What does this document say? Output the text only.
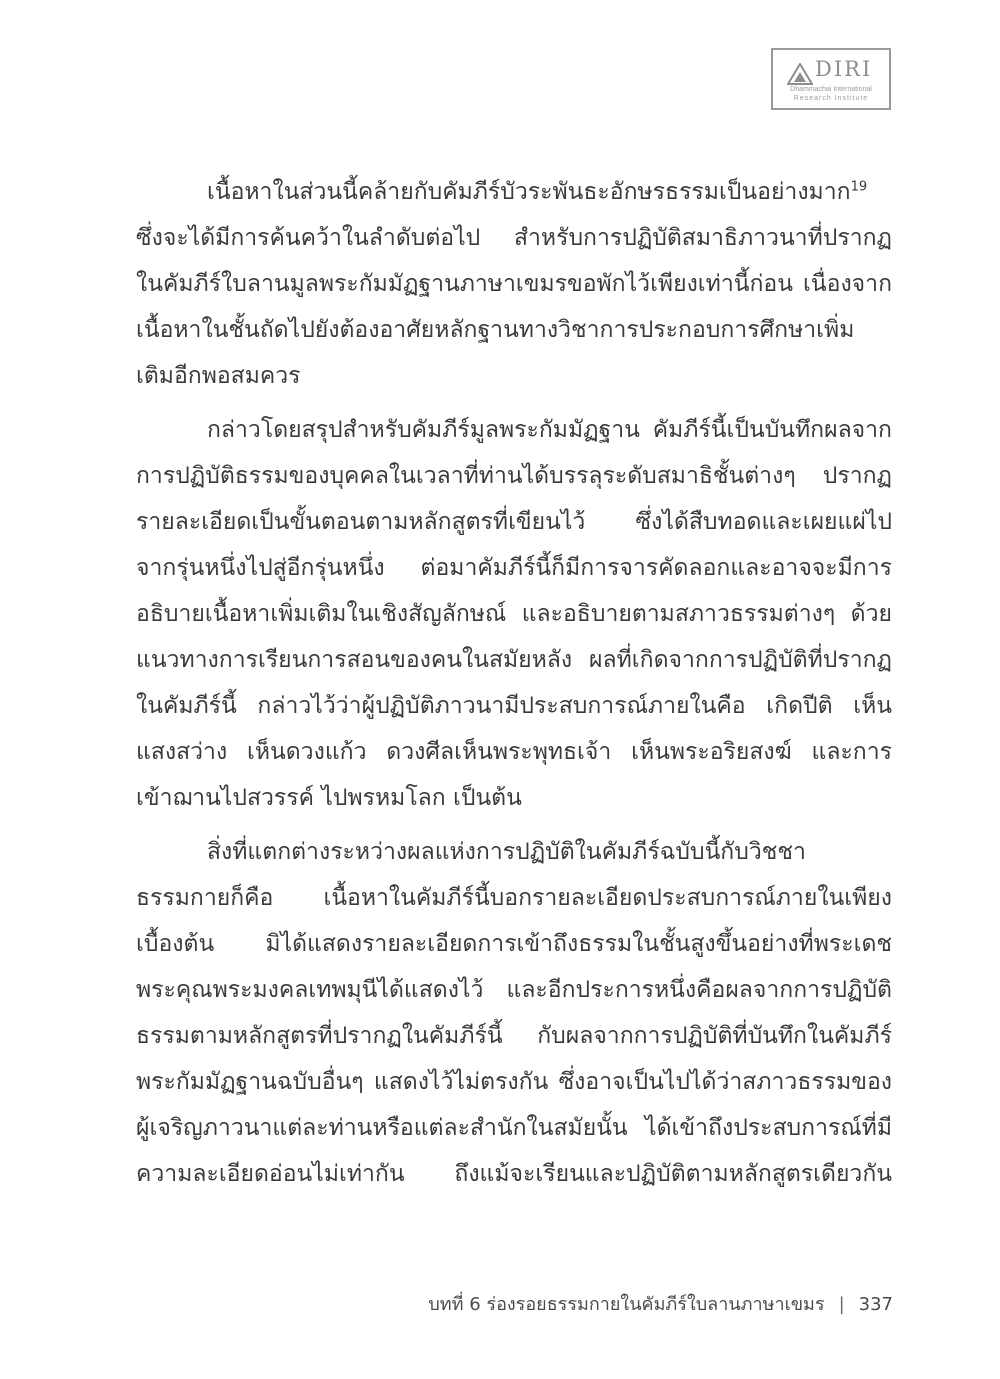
DIRI
Dhammachai International
Research Institute
เนื้อหาในส่วนนี้คล้ายกับคัมภีร์บัวระพันธะอักษรธรรมเป็นอย่างมาก$^{19}$
ซึ่งจะได้มีการค้นคว้าในลำดับต่อไป สำหรับการปฏิบัติสมาธิภาวนาที่ปรากฏ
ในคัมภีร์ใบลานมูลพระกัมมัฏฐานภาษาเขมรขอพักไว้เพียงเท่านี้ก่อน เนื่องจาก
เนื้อหาในชั้นถัดไปยังต้องอาศัยหลักฐานทางวิชาการประกอบการศึกษาเพิ่ม
เติมอีกพอสมควร
กล่าวโดยสรุปสำหรับคัมภีร์มูลพระกัมมัฏฐาน คัมภีร์นี้เป็นบันทึกผลจาก
การปฏิบัติธรรมของบุคคลในเวลาที่ท่านได้บรรลุระดับสมาธิชั้นต่างๆ ปรากฏ
รายละเอียดเป็นขั้นตอนตามหลักสูตรที่เขียนไว้ ซึ่งได้สืบทอดและเผยแผ่ไป
จากรุ่นหนึ่งไปสู่อีกรุ่นหนึ่ง ต่อมาคัมภีร์นี้ก็มีการจารคัดลอกและอาจจะมีการ
อธิบายเนื้อหาเพิ่มเติมในเชิงสัญลักษณ์ และอธิบายตามสภาวธรรมต่างๆ ด้วย
แนวทางการเรียนการสอนของคนในสมัยหลัง ผลที่เกิดจากการปฏิบัติที่ปรากฏ
ในคัมภีร์นี้ กล่าวไว้ว่าผู้ปฏิบัติภาวนามีประสบการณ์ภายในคือ เกิดปีติ เห็น
แสงสว่าง เห็นดวงแก้ว ดวงศีลเห็นพระพุทธเจ้า เห็นพระอริยสงฆ์ และการ
เข้าฌานไปสวรรค์ ไปพรหมโลก เป็นต้น
สิ่งที่แตกต่างระหว่างผลแห่งการปฏิบัติในคัมภีร์ฉบับนี้กับวิชชา
ธรรมกายก็คือ เนื้อหาในคัมภีร์นี้บอกรายละเอียดประสบการณ์ภายในเพียง
เบื้องต้น มิได้แสดงรายละเอียดการเข้าถึงธรรมในชั้นสูงขึ้นอย่างที่พระเดช
พระคุณพระมงคลเทพมุนีได้แสดงไว้ และอีกประการหนึ่งคือผลจากการปฏิบัติ
ธรรมตามหลักสูตรที่ปรากฏในคัมภีร์นี้ กับผลจากการปฏิบัติที่บันทึกในคัมภีร์
พระกัมมัฏฐานฉบับอื่นๆ แสดงไว้ไม่ตรงกัน ซึ่งอาจเป็นไปได้ว่าสภาวธรรมของ
ผู้เจริญภาวนาแต่ละท่านหรือแต่ละสำนักในสมัยนั้น ได้เข้าถึงประสบการณ์ที่มี
ความละเอียดอ่อนไม่เท่ากัน ถึงแม้จะเรียนและปฏิบัติตามหลักสูตรเดียวกัน
บทที่ 6 ร่องรอยธรรมกายในคัมภีร์ใบลานภาษาเขมร | 337
